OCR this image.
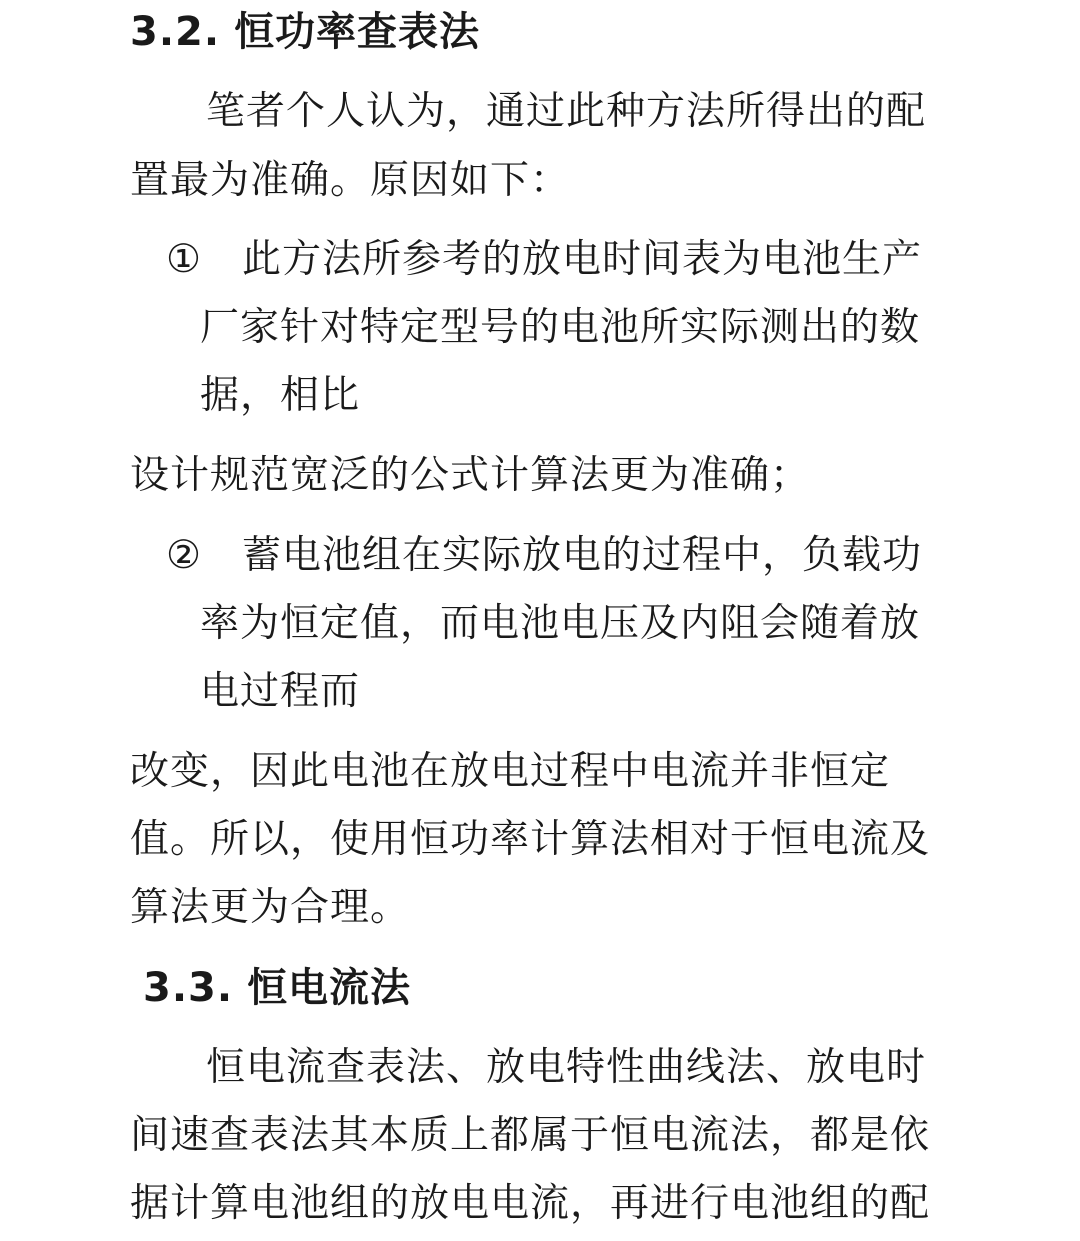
3.2. 恒功率查表法
笔者个人认为，通过此种方法所得出的配
置最为准确。原因如下：
① 此方法所参考的放电时间表为电池生产
厂家针对特定型号的电池所实际测出的数
据，相比
设计规范宽泛的公式计算法更为准确；
② 蓄电池组在实际放电的过程中，负载功
率为恒定值，而电池电压及内阻会随着放
电过程而
改变，因此电池在放电过程中电流并非恒定
值。所以，使用恒功率计算法相对于恒电流及
算法更为合理。
3.3. 恒电流法
恒电流查表法、放电特性曲线法、放电时
间速查表法其本质上都属于恒电流法，都是依
据计算电池组的放电电流，再进行电池组的配
